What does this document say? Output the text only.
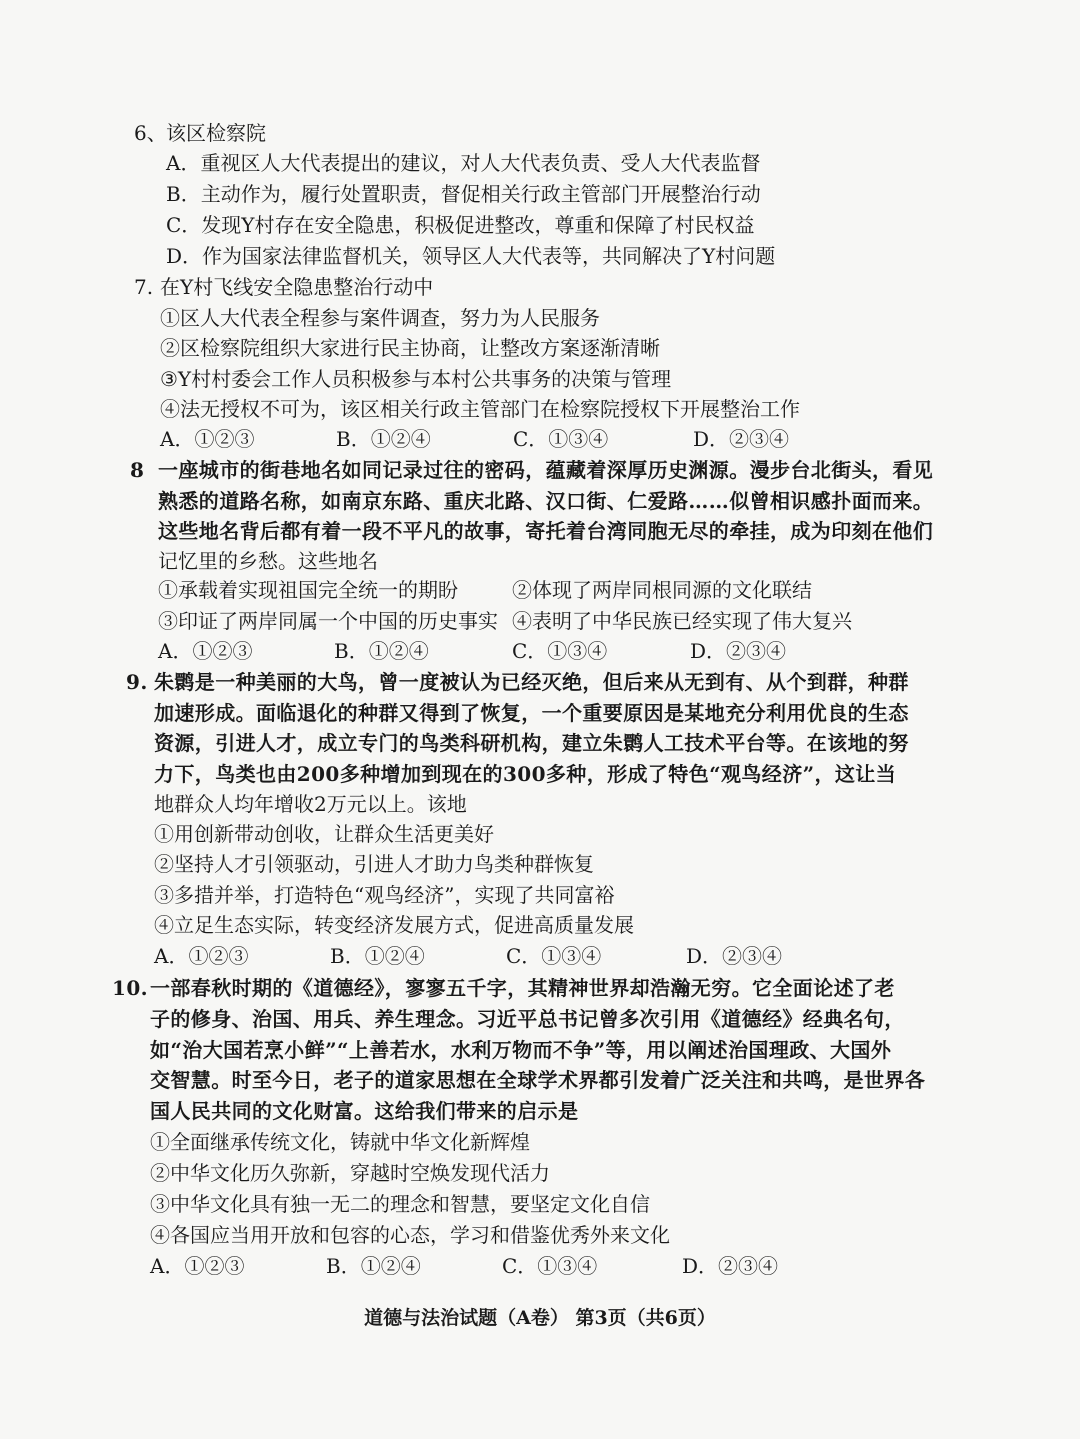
6、 该区检察院
A．重视区人大代表提出的建议，对人大代表负责、受人大代表监督
B．主动作为，履行处置职责，督促相关行政主管部门开展整治行动
C．发现Y村存在安全隐患，积极促进整改，尊重和保障了村民权益
D．作为国家法律监督机关，领导区人大代表等，共同解决了Y村问题
7. 在Y村飞线安全隐患整治行动中
①区人大代表全程参与案件调查，努力为人民服务
②区检察院组织大家进行民主协商，让整改方案逐渐清晰
③Y村村委会工作人员积极参与本村公共事务的决策与管理
④法无授权不可为，该区相关行政主管部门在检察院授权下开展整治工作
A．①②③	B．①②④	C．①③④	D．②③④
8 一座城市的街巷地名如同记录过往的密码，蕴藏着深厚历史渊源。漫步台北街头，看见
熟悉的道路名称，如南京东路、重庆北路、汉口街、仁爱路……似曾相识感扑面而来。
这些地名背后都有着一段不平凡的故事，寄托着台湾同胞无尽的牵挂，成为印刻在他们
记忆里的乡愁。这些地名
①承载着实现祖国完全统一的期盼	②体现了两岸同根同源的文化联结
③印证了两岸同属一个中国的历史事实 ④表明了中华民族已经实现了伟大复兴
A．①②③	B．①②④	C．①③④	D．②③④
9. 朱鹮是一种美丽的大鸟，曾一度被认为已经灭绝，但后来从无到有、从个到群，种群
加速形成。面临退化的种群又得到了恢复，一个重要原因是某地充分利用优良的生态
资源，引进人才，成立专门的鸟类科研机构，建立朱鹮人工技术平台等。在该地的努
力下，鸟类也由200多种增加到现在的300多种，形成了特色“观鸟经济”，这让当
地群众人均年增收2万元以上。该地
①用创新带动创收，让群众生活更美好
②坚持人才引领驱动，引进人才助力鸟类种群恢复
③多措并举，打造特色“观鸟经济”，实现了共同富裕
④立足生态实际，转变经济发展方式，促进高质量发展
A．①②③	B．①②④	C．①③④	D．②③④
10. 一部春秋时期的《道德经》，寥寥五千字，其精神世界却浩瀚无穷。它全面论述了老
子的修身、治国、用兵、养生理念。习近平总书记曾多次引用《道德经》经典名句，
如“治大国若烹小鲜”“上善若水，水利万物而不争”等，用以阐述治国理政、大国外
交智慧。时至今日，老子的道家思想在全球学术界都引发着广泛关注和共鸣，是世界各
国人民共同的文化财富。这给我们带来的启示是
①全面继承传统文化，铸就中华文化新辉煌
②中华文化历久弥新，穿越时空焕发现代活力
③中华文化具有独一无二的理念和智慧，要坚定文化自信
④各国应当用开放和包容的心态，学习和借鉴优秀外来文化
A．①②③	B．①②④	C．①③④	D．②③④
道德与法治试题（A卷） 第3页（共6页）
